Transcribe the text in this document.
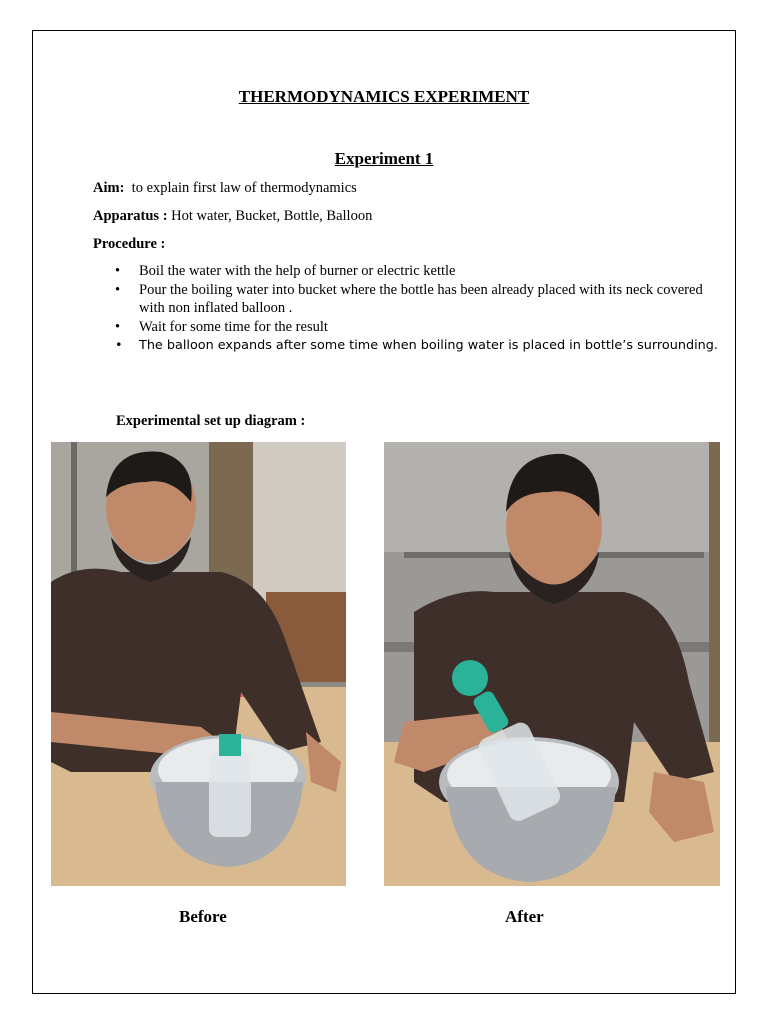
THERMODYNAMICS EXPERIMENT
Experiment 1
Aim: to explain first law of thermodynamics
Apparatus : Hot water, Bucket, Bottle, Balloon
Procedure :
• Boil the water with the help of burner or electric kettle
• Pour the boiling water into bucket where the bottle has been already placed with its neck covered with non inflated balloon .
• Wait for some time for the result
• The balloon expands after some time when boiling water is placed in bottle’s surrounding.
Experimental set up diagram :
Before	After
